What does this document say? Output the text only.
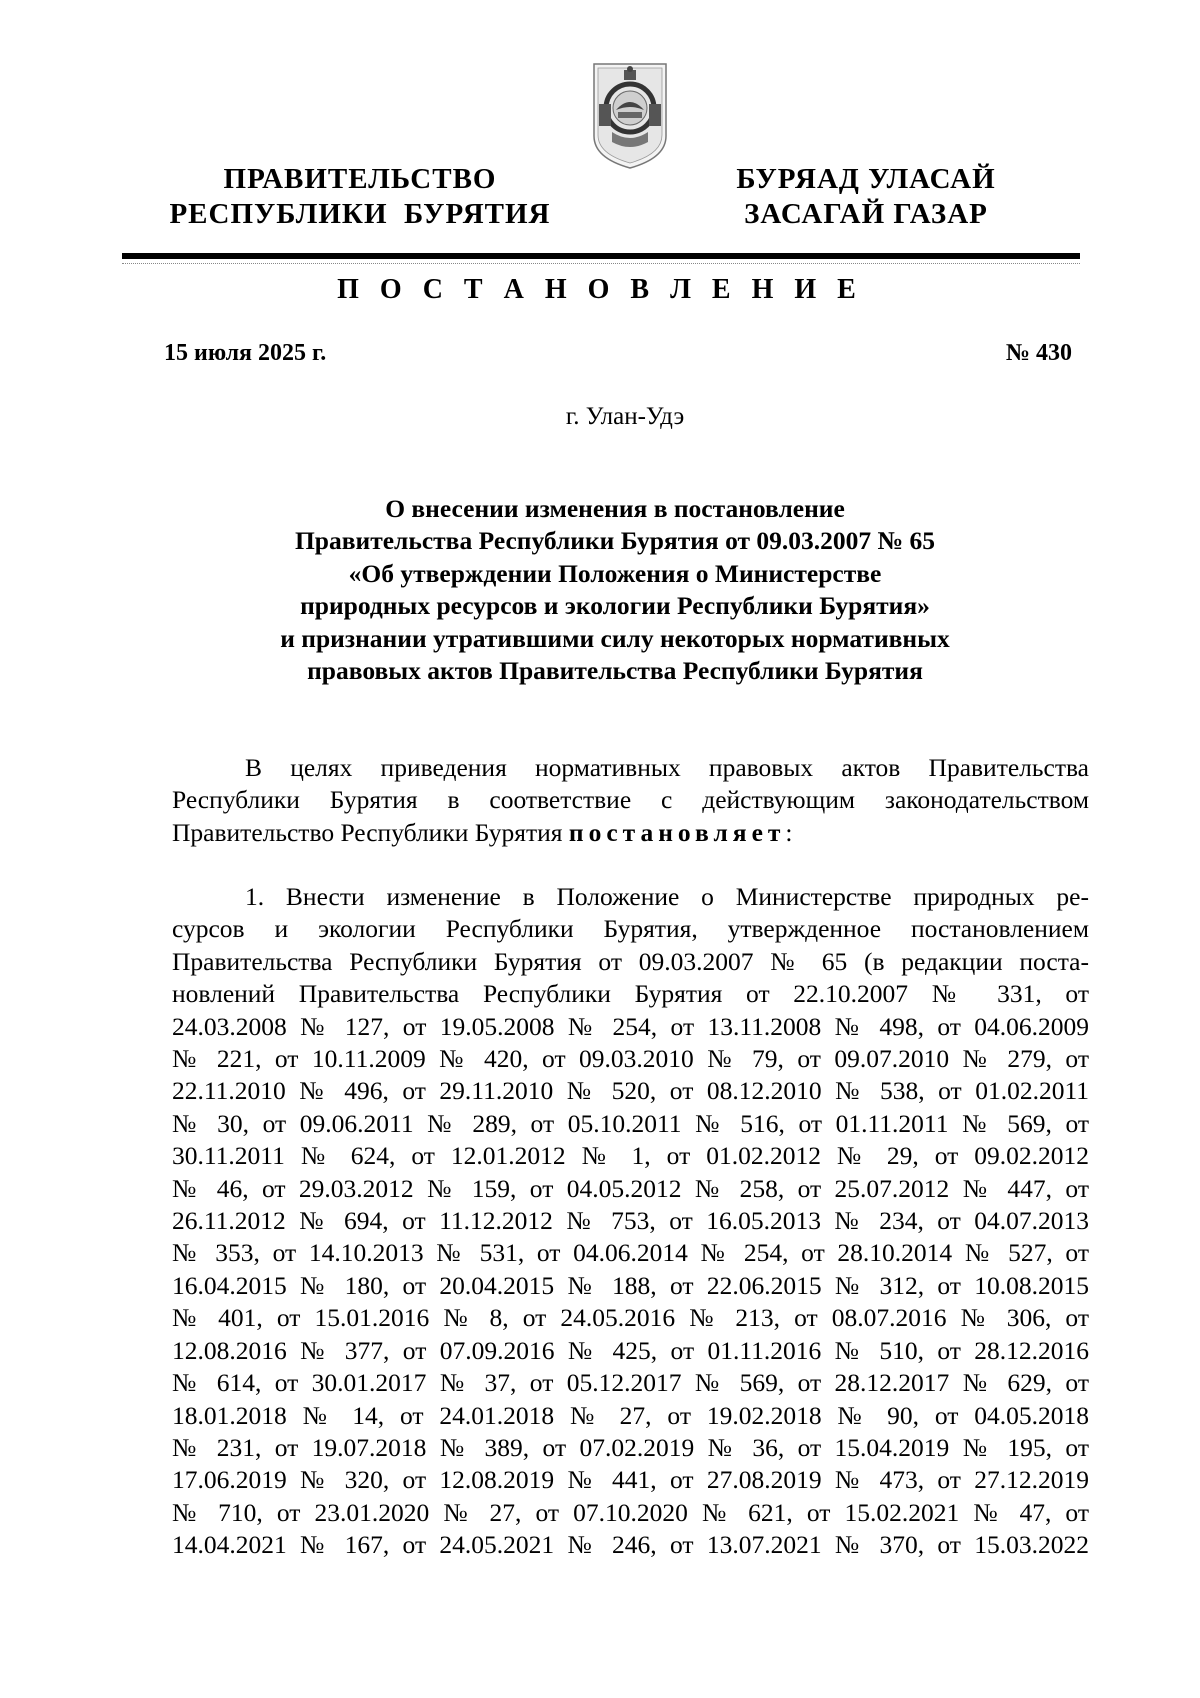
ПРАВИТЕЛЬСТВО
РЕСПУБЛИКИ  БУРЯТИЯ
БУРЯАД УЛАСАЙ
ЗАСАГАЙ ГАЗАР
П О С Т А Н О В Л Е Н И Е
15 июля 2025 г.	№ 430
г. Улан-Удэ
О внесении изменения в постановление
Правительства Республики Бурятия от 09.03.2007 № 65
«Об утверждении Положения о Министерстве
природных ресурсов и экологии Республики Бурятия»
и признании утратившими силу некоторых нормативных
правовых актов Правительства Республики Бурятия
В целях приведения нормативных правовых актов Правительства
Республики Бурятия в соответствие с действующим законодательством
Правительство Республики Бурятия постановляет:
1. Внести изменение в Положение о Министерстве природных ре-
сурсов и экологии Республики Бурятия, утвержденное постановлением
Правительства Республики Бурятия от 09.03.2007 № 65 (в редакции поста-
новлений Правительства Республики Бурятия от 22.10.2007 № 331, от
24.03.2008 № 127, от 19.05.2008 № 254, от 13.11.2008 № 498, от 04.06.2009
№ 221, от 10.11.2009 № 420, от 09.03.2010 № 79, от 09.07.2010 № 279, от
22.11.2010 № 496, от 29.11.2010 № 520, от 08.12.2010 № 538, от 01.02.2011
№ 30, от 09.06.2011 № 289, от 05.10.2011 № 516, от 01.11.2011 № 569, от
30.11.2011 № 624, от 12.01.2012 № 1, от 01.02.2012 № 29, от 09.02.2012
№ 46, от 29.03.2012 № 159, от 04.05.2012 № 258, от 25.07.2012 № 447, от
26.11.2012 № 694, от 11.12.2012 № 753, от 16.05.2013 № 234, от 04.07.2013
№ 353, от 14.10.2013 № 531, от 04.06.2014 № 254, от 28.10.2014 № 527, от
16.04.2015 № 180, от 20.04.2015 № 188, от 22.06.2015 № 312, от 10.08.2015
№ 401, от 15.01.2016 № 8, от 24.05.2016 № 213, от 08.07.2016 № 306, от
12.08.2016 № 377, от 07.09.2016 № 425, от 01.11.2016 № 510, от 28.12.2016
№ 614, от 30.01.2017 № 37, от 05.12.2017 № 569, от 28.12.2017 № 629, от
18.01.2018 № 14, от 24.01.2018 № 27, от 19.02.2018 № 90, от 04.05.2018
№ 231, от 19.07.2018 № 389, от 07.02.2019 № 36, от 15.04.2019 № 195, от
17.06.2019 № 320, от 12.08.2019 № 441, от 27.08.2019 № 473, от 27.12.2019
№ 710, от 23.01.2020 № 27, от 07.10.2020 № 621, от 15.02.2021 № 47, от
14.04.2021 № 167, от 24.05.2021 № 246, от 13.07.2021 № 370, от 15.03.2022
